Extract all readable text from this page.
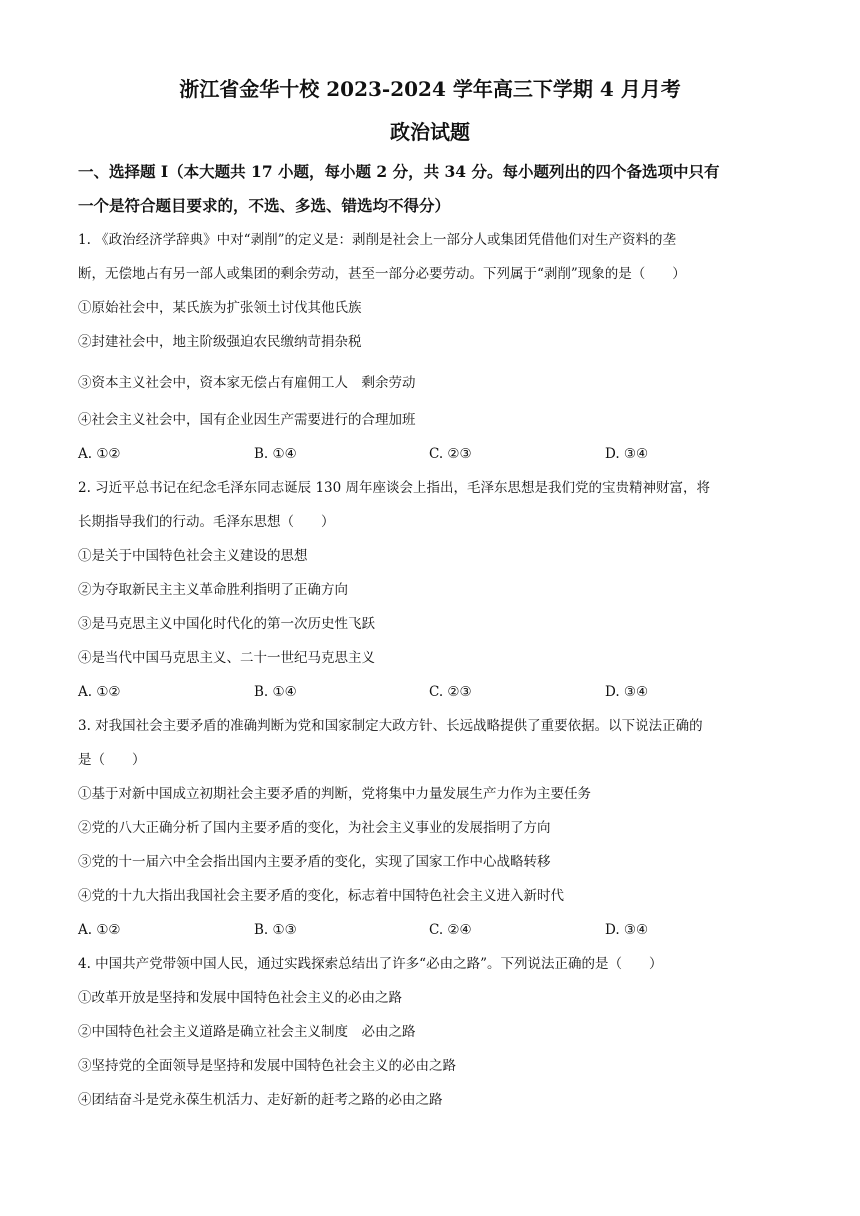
浙江省金华十校 2023-2024 学年高三下学期 4 月月考
政治试题
一、选择题 I（本大题共 17 小题，每小题 2 分，共 34 分。每小题列出的四个备选项中只有
一个是符合题目要求的，不选、多选、错选均不得分）
1. 《政治经济学辞典》中对“剥削”的定义是：剥削是社会上一部分人或集团凭借他们对生产资料的垄
断，无偿地占有另一部人或集团的剩余劳动，甚至一部分必要劳动。下列属于“剥削”现象的是（　　）
①原始社会中，某氏族为扩张领土讨伐其他氏族
②封建社会中，地主阶级强迫农民缴纳苛捐杂税
③资本主义社会中，资本家无偿占有雇佣工人　剩余劳动
④社会主义社会中，国有企业因生产需要进行的合理加班
A. ①②	B. ①④	C. ②③	D. ③④
2. 习近平总书记在纪念毛泽东同志诞辰 130 周年座谈会上指出，毛泽东思想是我们党的宝贵精神财富，将
长期指导我们的行动。毛泽东思想（　　）
①是关于中国特色社会主义建设的思想
②为夺取新民主主义革命胜利指明了正确方向
③是马克思主义中国化时代化的第一次历史性飞跃
④是当代中国马克思主义、二十一世纪马克思主义
A. ①②	B. ①④	C. ②③	D. ③④
3. 对我国社会主要矛盾的准确判断为党和国家制定大政方针、长远战略提供了重要依据。以下说法正确的
是（　　）
①基于对新中国成立初期社会主要矛盾的判断，党将集中力量发展生产力作为主要任务
②党的八大正确分析了国内主要矛盾的变化，为社会主义事业的发展指明了方向
③党的十一届六中全会指出国内主要矛盾的变化，实现了国家工作中心战略转移
④党的十九大指出我国社会主要矛盾的变化，标志着中国特色社会主义进入新时代
A. ①②	B. ①③	C. ②④	D. ③④
4. 中国共产党带领中国人民，通过实践探索总结出了许多“必由之路”。下列说法正确的是（　　）
①改革开放是坚持和发展中国特色社会主义的必由之路
②中国特色社会主义道路是确立社会主义制度　必由之路
③坚持党的全面领导是坚持和发展中国特色社会主义的必由之路
④团结奋斗是党永葆生机活力、走好新的赶考之路的必由之路
